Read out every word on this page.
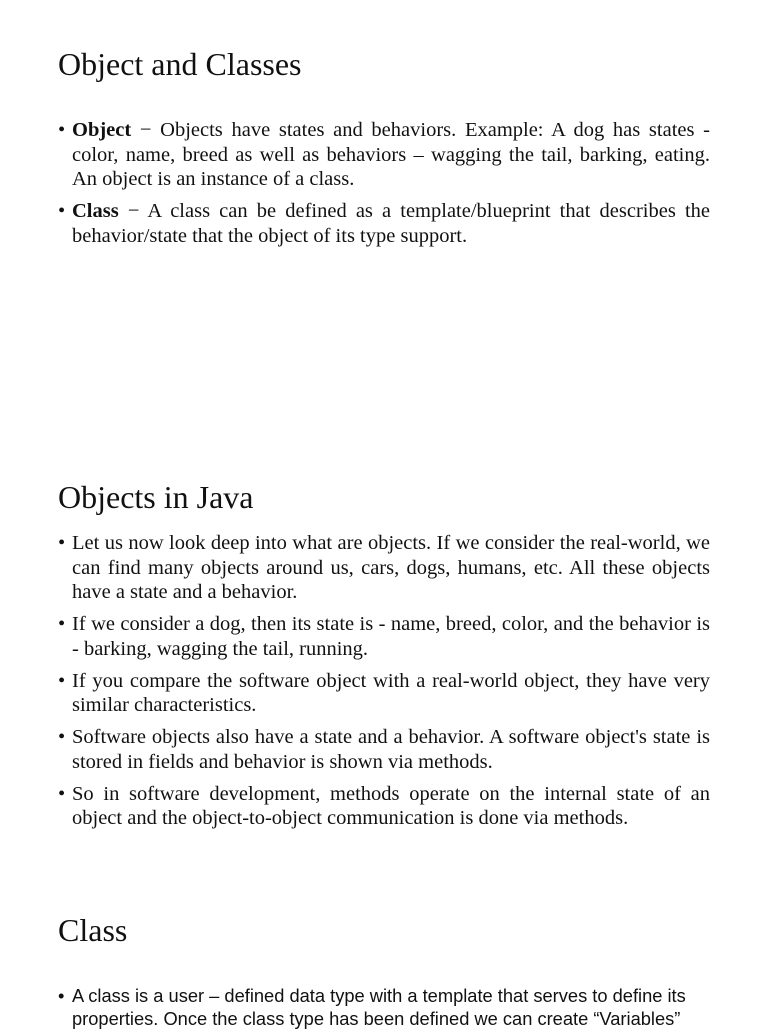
Object and Classes
• Object − Objects have states and behaviors. Example: A dog has states - color, name, breed as well as behaviors – wagging the tail, barking, eating. An object is an instance of a class.
• Class − A class can be defined as a template/blueprint that describes the behavior/state that the object of its type support.
Objects in Java
• Let us now look deep into what are objects. If we consider the real-world, we can find many objects around us, cars, dogs, humans, etc. All these objects have a state and a behavior.
• If we consider a dog, then its state is - name, breed, color, and the behavior is - barking, wagging the tail, running.
• If you compare the software object with a real-world object, they have very similar characteristics.
• Software objects also have a state and a behavior. A software object's state is stored in fields and behavior is shown via methods.
• So in software development, methods operate on the internal state of an object and the object-to-object communication is done via methods.
Class
• A class is a user – defined data type with a template that serves to define its properties. Once the class type has been defined we can create “Variables”
